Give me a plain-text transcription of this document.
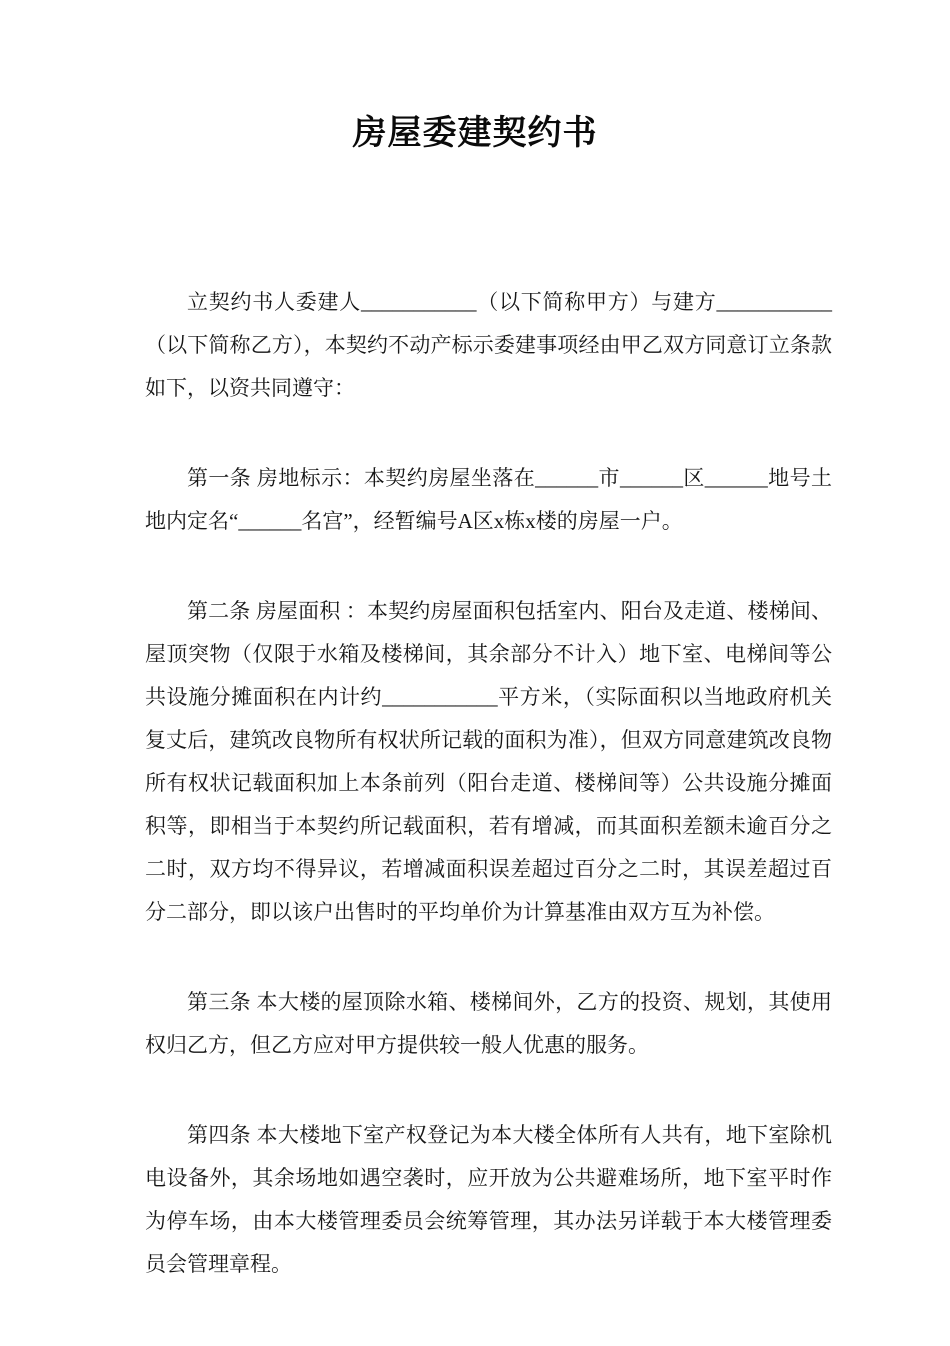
房屋委建契约书

立契约书人委建人___________（以下简称甲方）与建方___________（以下简称乙方），本契约不动产标示委建事项经由甲乙双方同意订立条款如下，以资共同遵守：

第一条 房地标示：本契约房屋坐落在______市______区______地号土地内定名“______名宫”，经暂编号A区x栋x楼的房屋一户。

第二条 房屋面积 ：本契约房屋面积包括室内、阳台及走道、楼梯间、屋顶突物（仅限于水箱及楼梯间，其余部分不计入）地下室、电梯间等公共设施分摊面积在内计约___________平方米，（实际面积以当地政府机关复丈后，建筑改良物所有权状所记载的面积为准），但双方同意建筑改良物所有权状记载面积加上本条前列（阳台走道、楼梯间等）公共设施分摊面积等，即相当于本契约所记载面积，若有增减，而其面积差额未逾百分之二时，双方均不得异议，若增减面积误差超过百分之二时，其误差超过百分二部分，即以该户出售时的平均单价为计算基准由双方互为补偿。

第三条 本大楼的屋顶除水箱、楼梯间外，乙方的投资、规划，其使用权归乙方，但乙方应对甲方提供较一般人优惠的服务。

第四条 本大楼地下室产权登记为本大楼全体所有人共有，地下室除机电设备外，其余场地如遇空袭时，应开放为公共避难场所，地下室平时作为停车场，由本大楼管理委员会统筹管理，其办法另详载于本大楼管理委员会管理章程。
